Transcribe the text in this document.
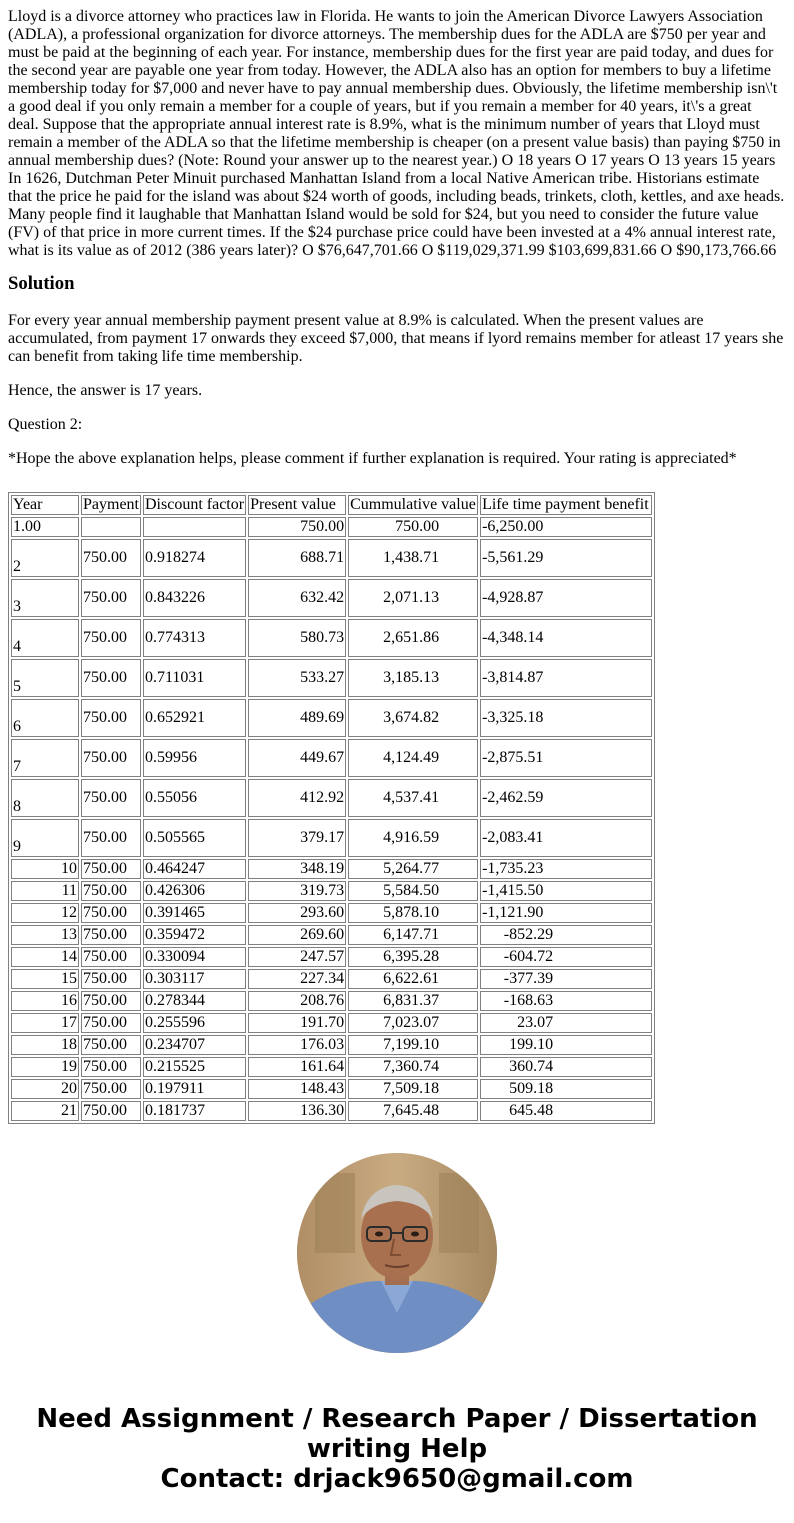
Lloyd is a divorce attorney who practices law in Florida. He wants to join the American Divorce Lawyers Association (ADLA), a professional organization for divorce attorneys. The membership dues for the ADLA are $750 per year and must be paid at the beginning of each year. For instance, membership dues for the first year are paid today, and dues for the second year are payable one year from today. However, the ADLA also has an option for members to buy a lifetime membership today for $7,000 and never have to pay annual membership dues. Obviously, the lifetime membership isn\'t a good deal if you only remain a member for a couple of years, but if you remain a member for 40 years, it\'s a great deal. Suppose that the appropriate annual interest rate is 8.9%, what is the minimum number of years that Lloyd must remain a member of the ADLA so that the lifetime membership is cheaper (on a present value basis) than paying $750 in annual membership dues? (Note: Round your answer up to the nearest year.) O 18 years O 17 years O 13 years 15 years In 1626, Dutchman Peter Minuit purchased Manhattan Island from a local Native American tribe. Historians estimate that the price he paid for the island was about $24 worth of goods, including beads, trinkets, cloth, kettles, and axe heads. Many people find it laughable that Manhattan Island would be sold for $24, but you need to consider the future value (FV) of that price in more current times. If the $24 purchase price could have been invested at a 4% annual interest rate, what is its value as of 2012 (386 years later)? O $76,647,701.66 O $119,029,371.99 $103,699,831.66 O $90,173,766.66

Solution

For every year annual membership payment present value at 8.9% is calculated. When the present values are accumulated, from payment 17 onwards they exceed $7,000, that means if lyord remains member for atleast 17 years she can benefit from taking life time membership.

Hence, the answer is 17 years.

Question 2:

*Hope the above explanation helps, please comment if further explanation is required. Your rating is appreciated*

Year	Payment	Discount factor	Present value	Cummulative value	Life time payment benefit
1.00			750.00	750.00	-6,250.00
2	750.00	0.918274	688.71	1,438.71	-5,561.29
3	750.00	0.843226	632.42	2,071.13	-4,928.87
4	750.00	0.774313	580.73	2,651.86	-4,348.14
5	750.00	0.711031	533.27	3,185.13	-3,814.87
6	750.00	0.652921	489.69	3,674.82	-3,325.18
7	750.00	0.59956	449.67	4,124.49	-2,875.51
8	750.00	0.55056	412.92	4,537.41	-2,462.59
9	750.00	0.505565	379.17	4,916.59	-2,083.41
10	750.00	0.464247	348.19	5,264.77	-1,735.23
11	750.00	0.426306	319.73	5,584.50	-1,415.50
12	750.00	0.391465	293.60	5,878.10	-1,121.90
13	750.00	0.359472	269.60	6,147.71	-852.29
14	750.00	0.330094	247.57	6,395.28	-604.72
15	750.00	0.303117	227.34	6,622.61	-377.39
16	750.00	0.278344	208.76	6,831.37	-168.63
17	750.00	0.255596	191.70	7,023.07	23.07
18	750.00	0.234707	176.03	7,199.10	199.10
19	750.00	0.215525	161.64	7,360.74	360.74
20	750.00	0.197911	148.43	7,509.18	509.18
21	750.00	0.181737	136.30	7,645.48	645.48
Need Assignment / Research Paper / Dissertation
writing Help
Contact: drjack9650@gmail.com
